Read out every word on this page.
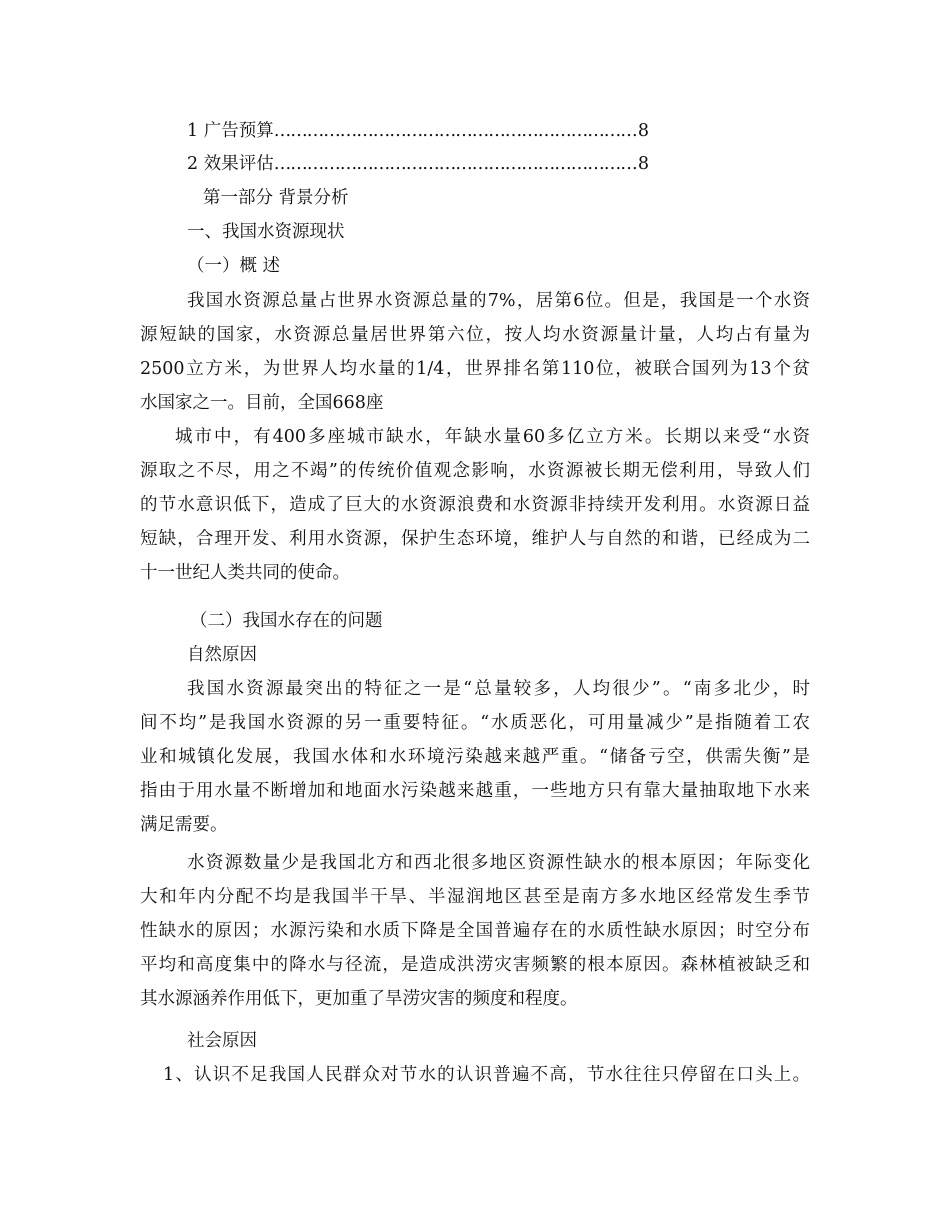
1 广告预算 ………………………………………………………………………………	8
2 效果评估 ………………………………………………………………………………	8
第一部分 背景分析
一、我国水资源现状
（一）概 述
我国水资源总量占世界水资源总量的7%，居第6位。但是，我国是一个水资
源短缺的国家，水资源总量居世界第六位，按人均水资源量计量，人均占有量为
2500立方米，为世界人均水量的1/4，世界排名第110位，被联合国列为13个贫
水国家之一。目前，全国668座
城市中，有400多座城市缺水，年缺水量60多亿立方米。长期以来受“水资
源取之不尽，用之不竭”的传统价值观念影响，水资源被长期无偿利用，导致人们
的节水意识低下，造成了巨大的水资源浪费和水资源非持续开发利用。水资源日益
短缺，合理开发、利用水资源，保护生态环境，维护人与自然的和谐，已经成为二
十一世纪人类共同的使命。
（二）我国水存在的问题
自然原因
我国水资源最突出的特征之一是“总量较多，人均很少”。“南多北少，时
间不均”是我国水资源的另一重要特征。“水质恶化，可用量减少”是指随着工农
业和城镇化发展，我国水体和水环境污染越来越严重。“储备亏空，供需失衡”是
指由于用水量不断增加和地面水污染越来越重，一些地方只有靠大量抽取地下水来
满足需要。
水资源数量少是我国北方和西北很多地区资源性缺水的根本原因；年际变化
大和年内分配不均是我国半干旱、半湿润地区甚至是南方多水地区经常发生季节
性缺水的原因；水源污染和水质下降是全国普遍存在的水质性缺水原因；时空分布
平均和高度集中的降水与径流，是造成洪涝灾害频繁的根本原因。森林植被缺乏和
其水源涵养作用低下，更加重了旱涝灾害的频度和程度。
社会原因
1、认识不足我国人民群众对节水的认识普遍不高，节水往往只停留在口头上。
